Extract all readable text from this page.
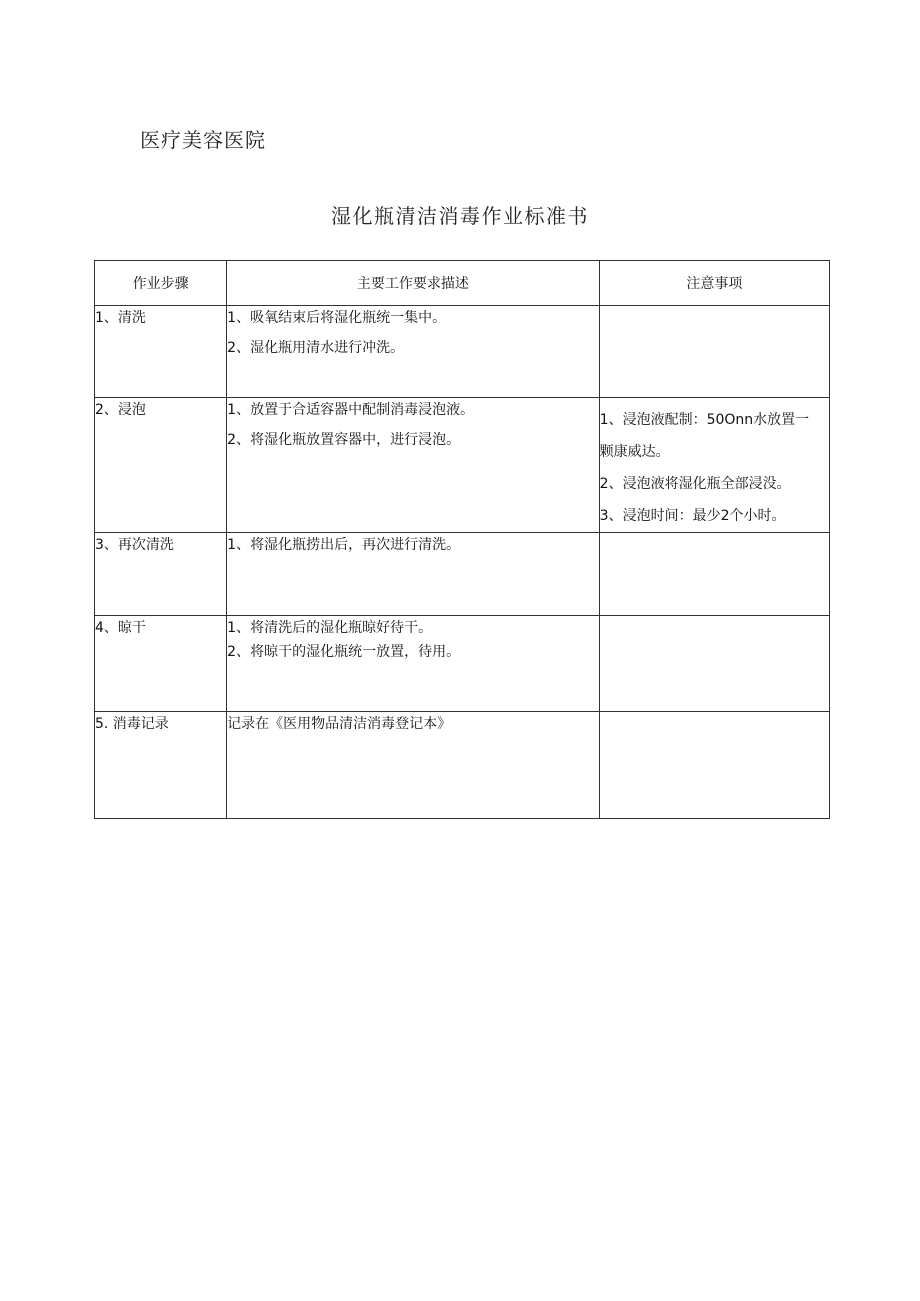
医疗美容医院
湿化瓶清洁消毒作业标准书
作业步骤	主要工作要求描述	注意事项

1、清洗	1、吸氧结束后将湿化瓶统一集中。
2、湿化瓶用清水进行冲洗。	

2、浸泡	1、放置于合适容器中配制消毒浸泡液。
2、将湿化瓶放置容器中，进行浸泡。	1、浸泡液配制：50Onn水放置一
颗康威达。
2、浸泡液将湿化瓶全部浸没。
3、浸泡时间：最少2个小时。

3、再次清洗	1、将湿化瓶捞出后，再次进行清洗。	

4、晾干	1、将清洗后的湿化瓶晾好待干。
2、将晾干的湿化瓶统一放置，待用。	

5. 消毒记录	记录在《医用物品清洁消毒登记本》	
